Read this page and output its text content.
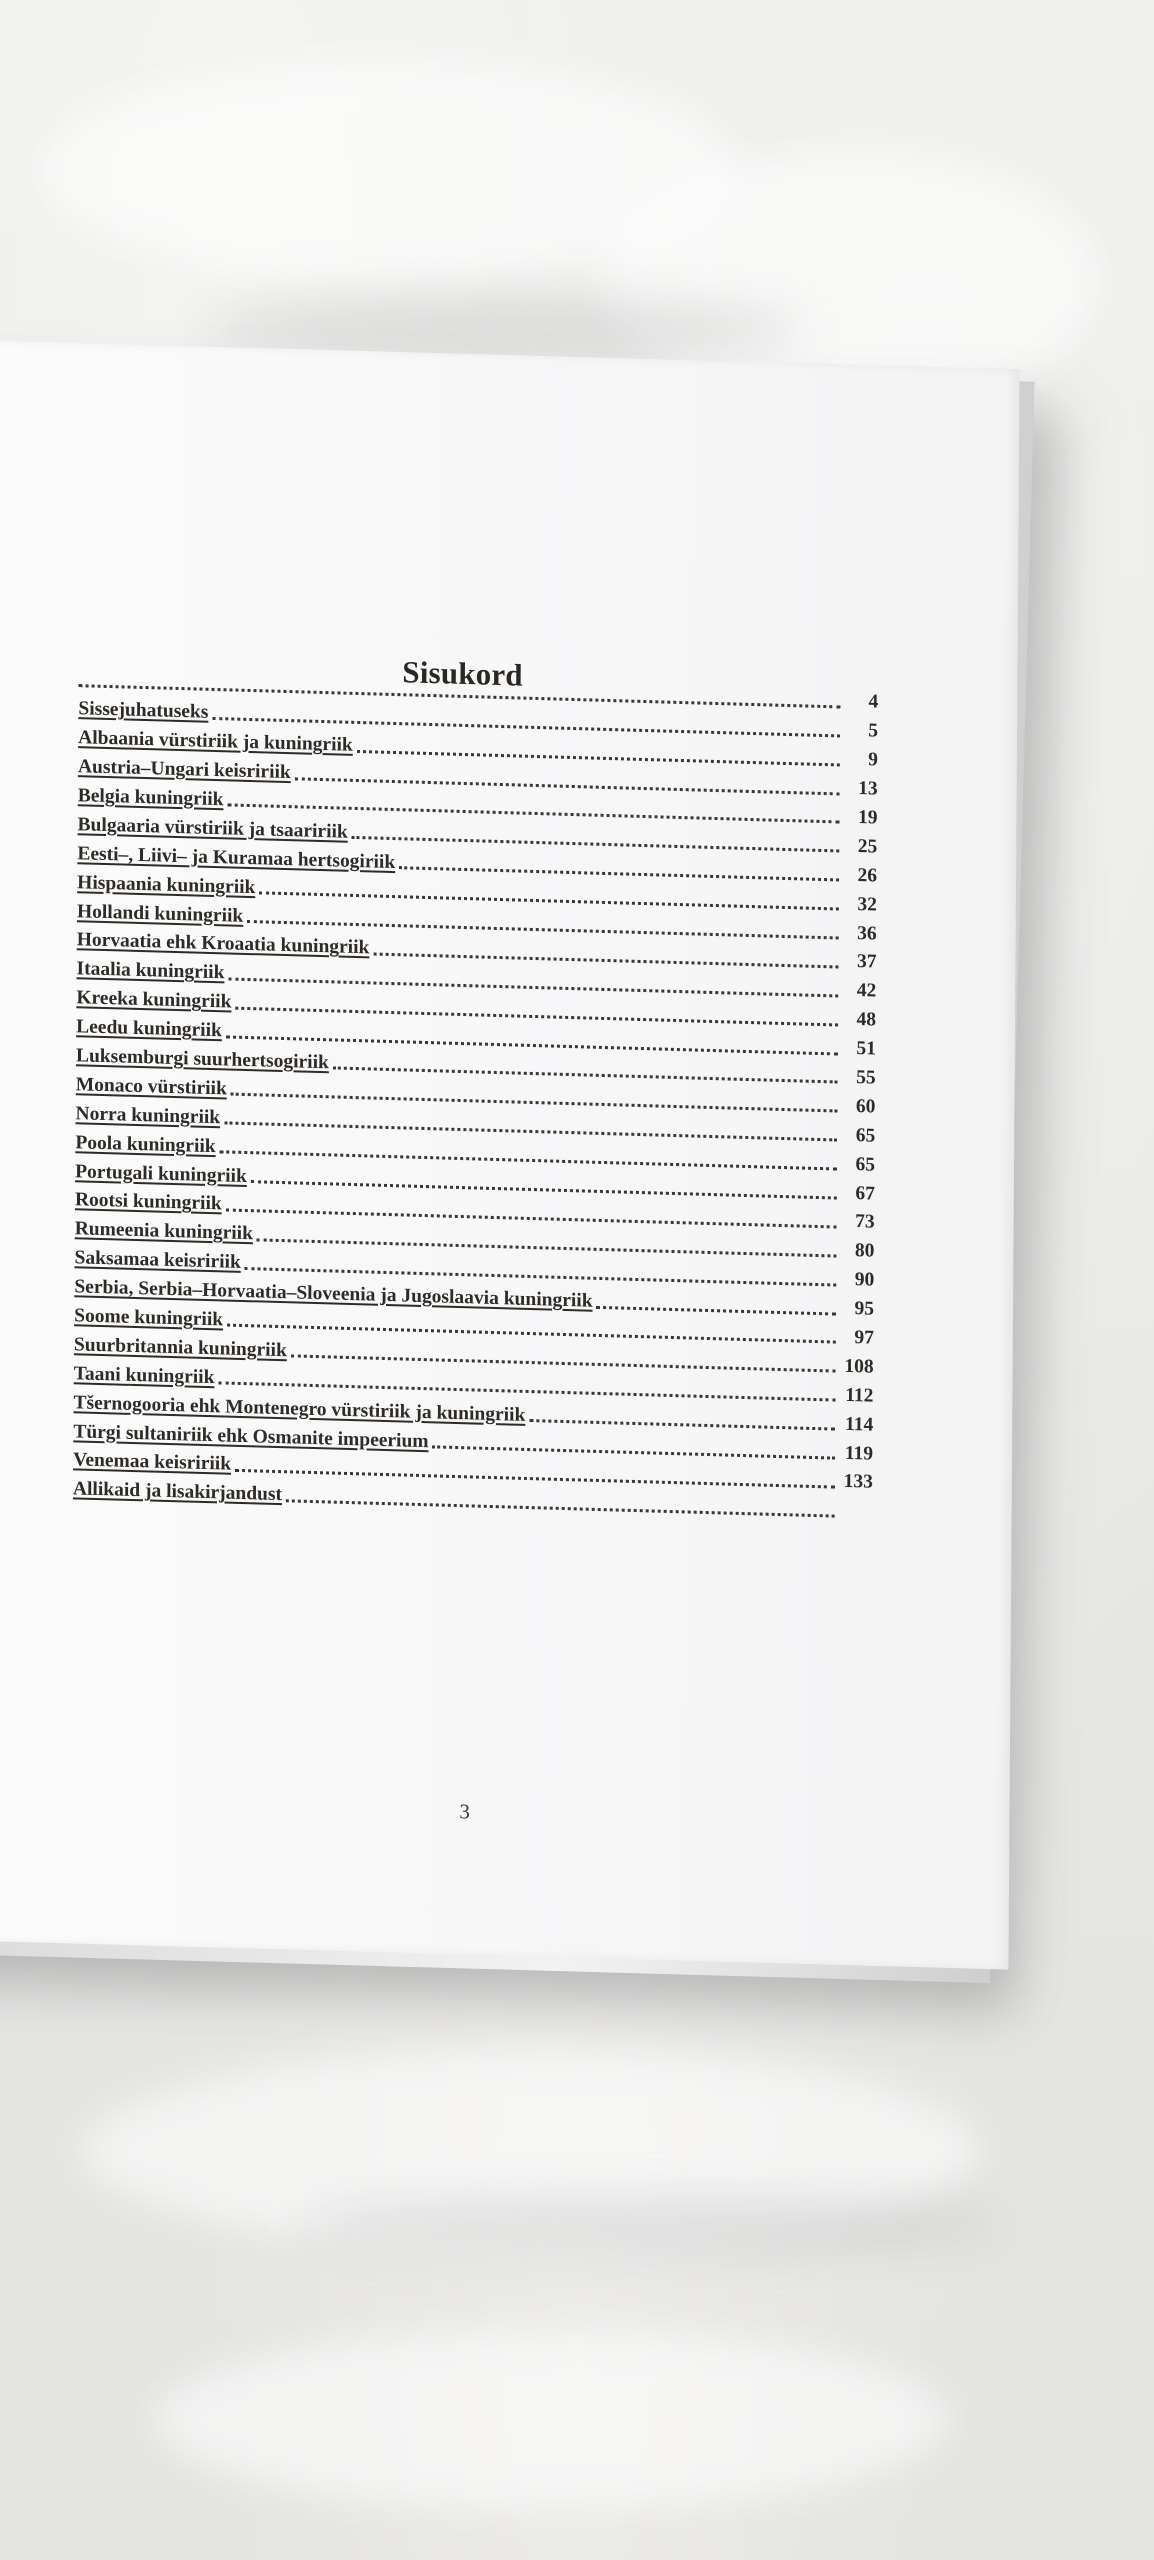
Sisukord
4
Sissejuhatuseks
5
Albaania vürstiriik ja kuningriik
9
Austria–Ungari keisririik
13
Belgia kuningriik
19
Bulgaaria vürstiriik ja tsaaririik
25
Eesti–, Liivi– ja Kuramaa hertsogiriik
26
Hispaania kuningriik
32
Hollandi kuningriik
36
Horvaatia ehk Kroaatia kuningriik
37
Itaalia kuningriik
42
Kreeka kuningriik
48
Leedu kuningriik
51
Luksemburgi suurhertsogiriik
55
Monaco vürstiriik
60
Norra kuningriik
65
Poola kuningriik
65
Portugali kuningriik
67
Rootsi kuningriik
73
Rumeenia kuningriik
80
Saksamaa keisririik
90
Serbia, Serbia–Horvaatia–Sloveenia ja Jugoslaavia kuningriik	95
Soome kuningriik
97
Suurbritannia kuningriik
108
Taani kuningriik
112
Tšernogooria ehk Montenegro vürstiriik ja kuningriik	114
Türgi sultaniriik ehk Osmanite impeerium
119
Venemaa keisririik
133
Allikaid ja lisakirjandust
3
